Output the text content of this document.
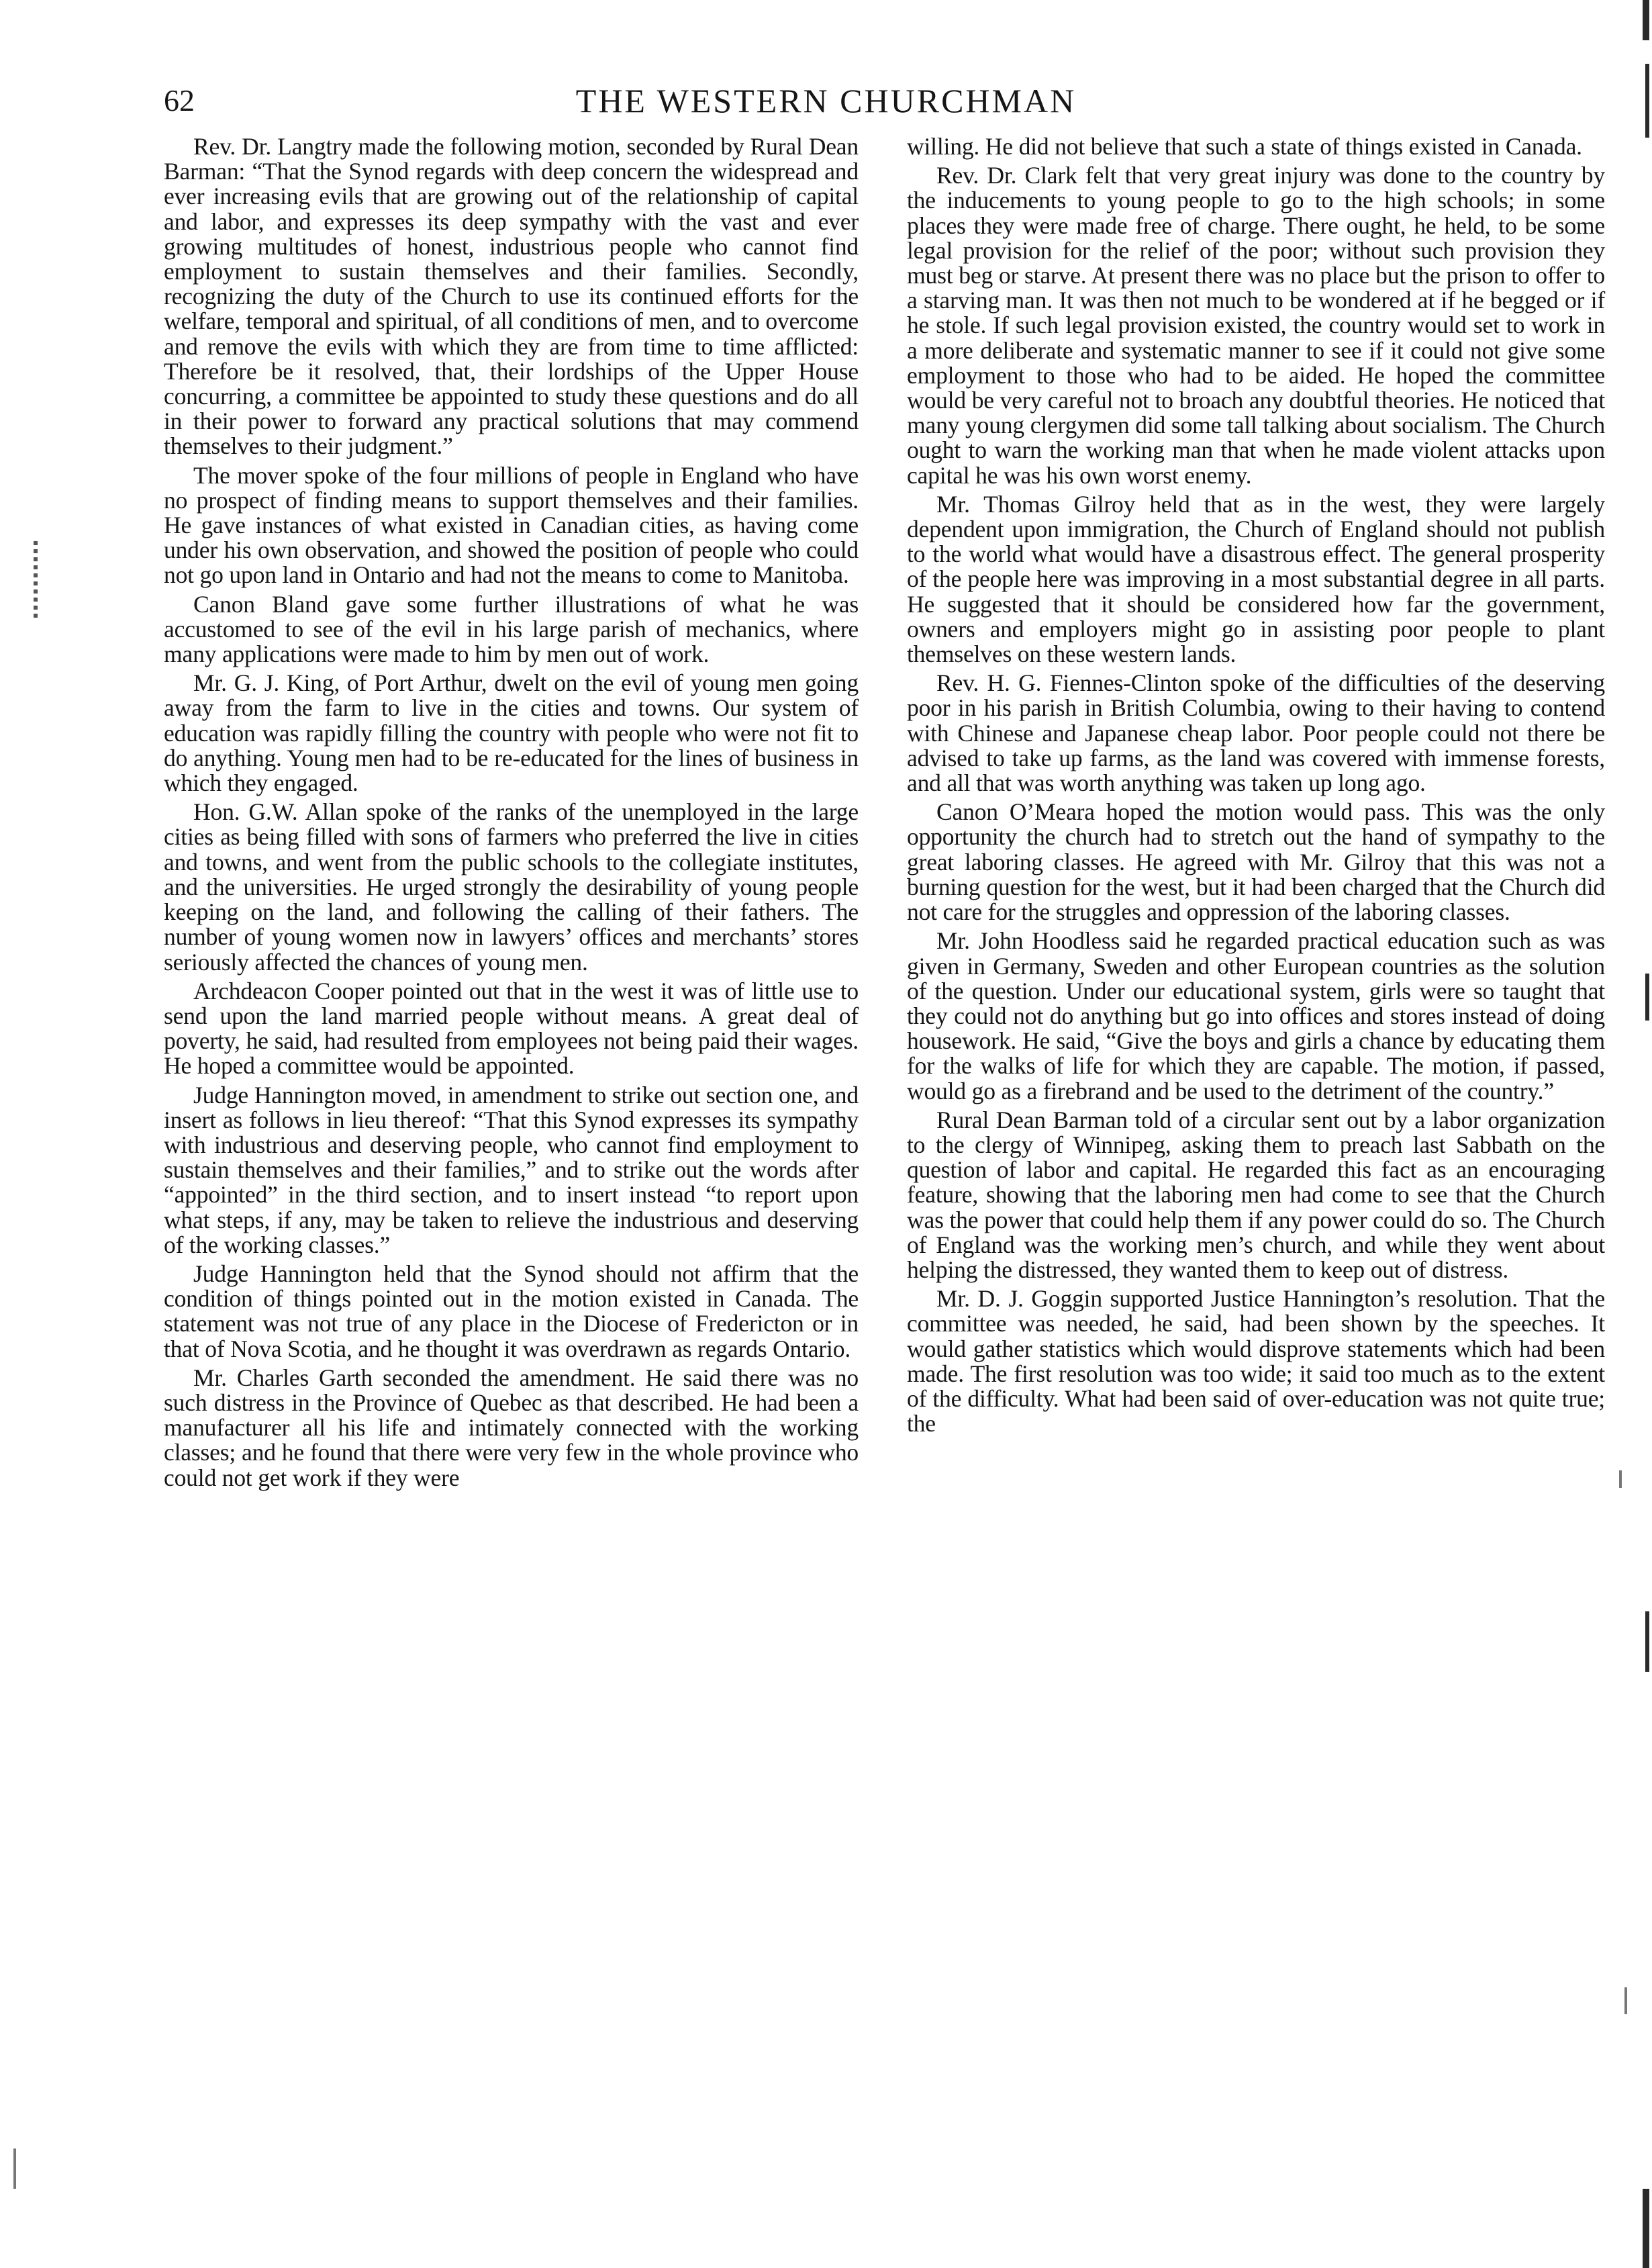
62	THE WESTERN CHURCHMAN

Rev. Dr. Langtry made the following motion, seconded by Rural Dean Barman: “That the Synod regards with deep concern the widespread and ever increasing evils that are growing out of the relationship of capital and labor, and expresses its deep sympathy with the vast and ever growing multitudes of honest, industrious people who cannot find employment to sustain themselves and their families. Secondly, recognizing the duty of the Church to use its continued efforts for the welfare, temporal and spiritual, of all conditions of men, and to overcome and remove the evils with which they are from time to time afflicted: Therefore be it resolved, that, their lordships of the Upper House concurring, a committee be appointed to study these questions and do all in their power to forward any practical solutions that may commend themselves to their judgment.”

The mover spoke of the four millions of people in England who have no prospect of finding means to support themselves and their families. He gave instances of what existed in Canadian cities, as having come under his own observation, and showed the position of people who could not go upon land in Ontario and had not the means to come to Manitoba.

Canon Bland gave some further illustrations of what he was accustomed to see of the evil in his large parish of mechanics, where many applications were made to him by men out of work.

Mr. G. J. King, of Port Arthur, dwelt on the evil of young men going away from the farm to live in the cities and towns. Our system of education was rapidly filling the country with people who were not fit to do anything. Young men had to be re-educated for the lines of business in which they engaged.

Hon. G.W. Allan spoke of the ranks of the unemployed in the large cities as being filled with sons of farmers who preferred the live in cities and towns, and went from the public schools to the collegiate institutes, and the universities. He urged strongly the desirability of young people keeping on the land, and following the calling of their fathers. The number of young women now in lawyers’ offices and merchants’ stores seriously affected the chances of young men.

Archdeacon Cooper pointed out that in the west it was of little use to send upon the land married people without means. A great deal of poverty, he said, had resulted from employees not being paid their wages. He hoped a committee would be appointed.

Judge Hannington moved, in amendment to strike out section one, and insert as follows in lieu thereof: “That this Synod expresses its sympathy with industrious and deserving people, who cannot find employment to sustain themselves and their families,” and to strike out the words after “appointed” in the third section, and to insert instead “to report upon what steps, if any, may be taken to relieve the industrious and deserving of the working classes.”

Judge Hannington held that the Synod should not affirm that the condition of things pointed out in the motion existed in Canada. The statement was not true of any place in the Diocese of Fredericton or in that of Nova Scotia, and he thought it was overdrawn as regards Ontario.

Mr. Charles Garth seconded the amendment. He said there was no such distress in the Province of Quebec as that described. He had been a manufacturer all his life and intimately connected with the working classes; and he found that there were very few in the whole province who could not get work if they were

willing. He did not believe that such a state of things existed in Canada.

Rev. Dr. Clark felt that very great injury was done to the country by the inducements to young people to go to the high schools; in some places they were made free of charge. There ought, he held, to be some legal provision for the relief of the poor; without such provision they must beg or starve. At present there was no place but the prison to offer to a starving man. It was then not much to be wondered at if he begged or if he stole. If such legal provision existed, the country would set to work in a more deliberate and systematic manner to see if it could not give some employment to those who had to be aided. He hoped the committee would be very careful not to broach any doubtful theories. He noticed that many young clergymen did some tall talking about socialism. The Church ought to warn the working man that when he made violent attacks upon capital he was his own worst enemy.

Mr. Thomas Gilroy held that as in the west, they were largely dependent upon immigration, the Church of England should not publish to the world what would have a disastrous effect. The general prosperity of the people here was improving in a most substantial degree in all parts. He suggested that it should be considered how far the government, owners and employers might go in assisting poor people to plant themselves on these western lands.

Rev. H. G. Fiennes-Clinton spoke of the difficulties of the deserving poor in his parish in British Columbia, owing to their having to contend with Chinese and Japanese cheap labor. Poor people could not there be advised to take up farms, as the land was covered with immense forests, and all that was worth anything was taken up long ago.

Canon O’Meara hoped the motion would pass. This was the only opportunity the church had to stretch out the hand of sympathy to the great laboring classes. He agreed with Mr. Gilroy that this was not a burning question for the west, but it had been charged that the Church did not care for the struggles and oppression of the laboring classes.

Mr. John Hoodless said he regarded practical education such as was given in Germany, Sweden and other European countries as the solution of the question. Under our educational system, girls were so taught that they could not do anything but go into offices and stores instead of doing housework. He said, “Give the boys and girls a chance by educating them for the walks of life for which they are capable. The motion, if passed, would go as a firebrand and be used to the detriment of the country.”

Rural Dean Barman told of a circular sent out by a labor organization to the clergy of Winnipeg, asking them to preach last Sabbath on the question of labor and capital. He regarded this fact as an encouraging feature, showing that the laboring men had come to see that the Church was the power that could help them if any power could do so. The Church of England was the working men’s church, and while they went about helping the distressed, they wanted them to keep out of distress.

Mr. D. J. Goggin supported Justice Hannington’s resolution. That the committee was needed, he said, had been shown by the speeches. It would gather statistics which would disprove statements which had been made. The first resolution was too wide; it said too much as to the extent of the difficulty. What had been said of over-education was not quite true; the
